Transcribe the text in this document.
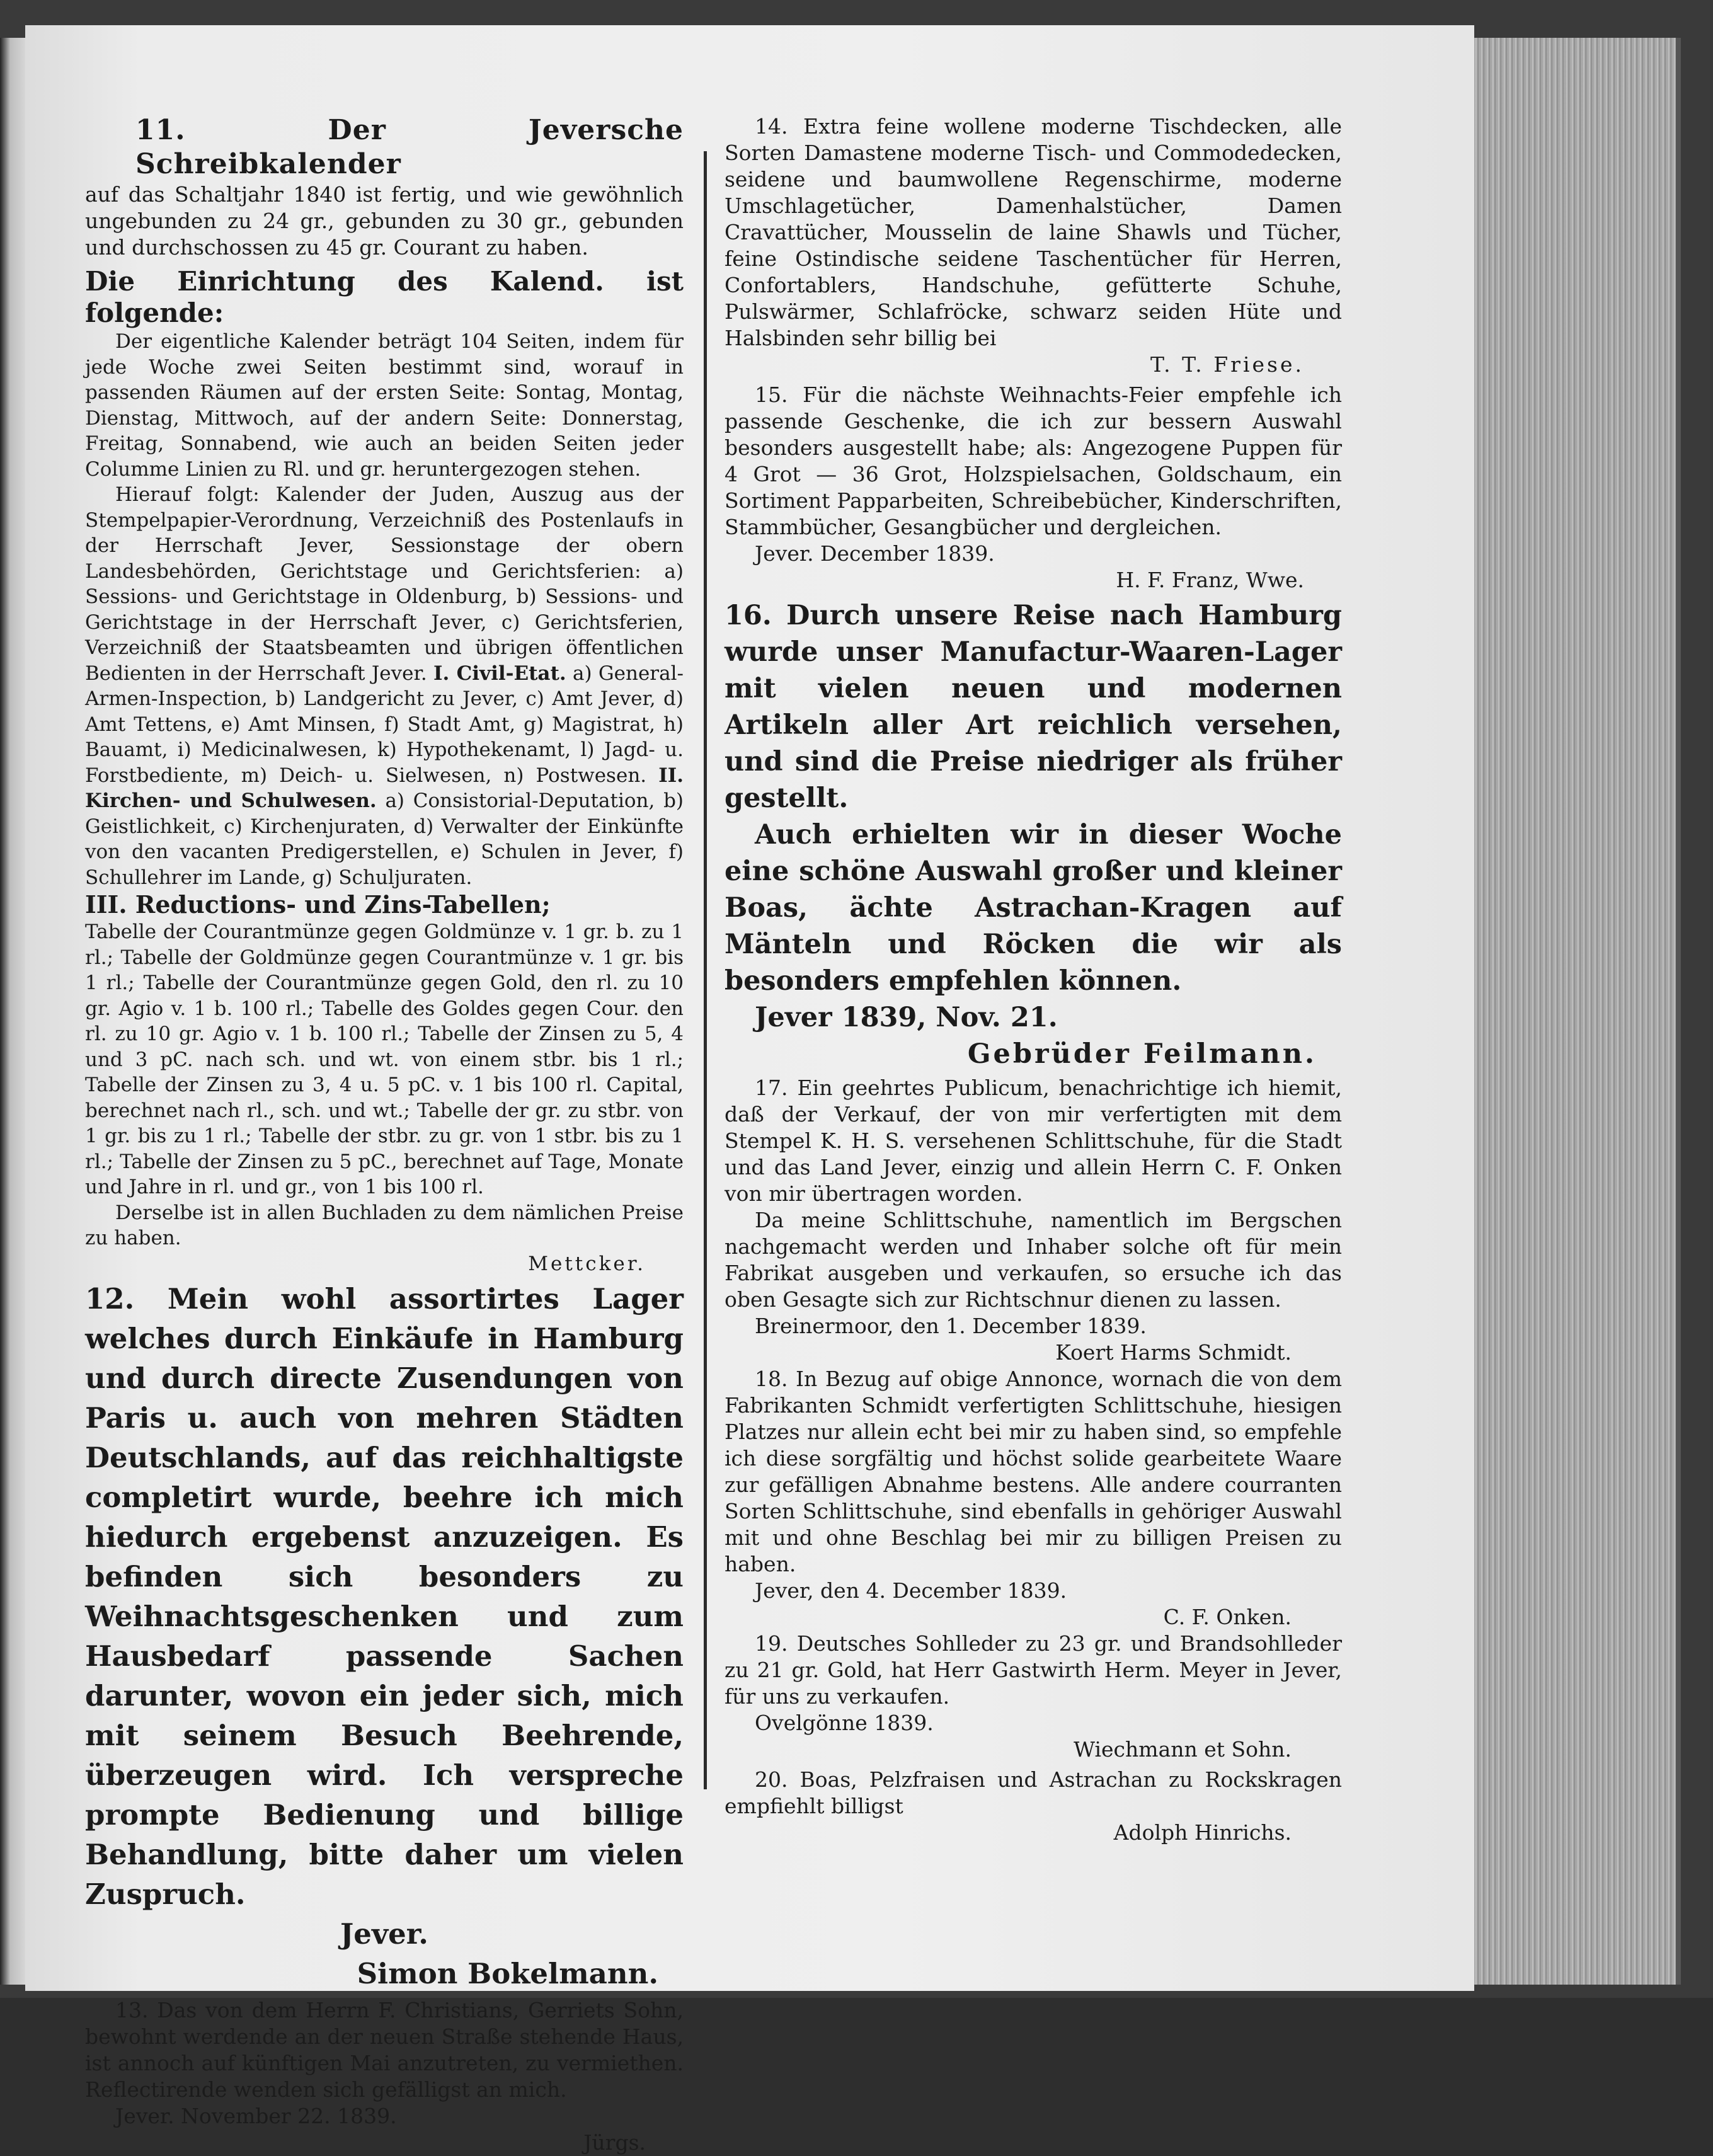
11. Der Jeversche Schreibkalender

auf das Schaltjahr 1840 ist fertig, und wie gewöhnlich ungebunden zu 24 gr., gebunden zu 30 gr., gebunden und durchschossen zu 45 gr. Courant zu haben.

Die Einrichtung des Kalend. ist folgende:

Der eigentliche Kalender beträgt 104 Seiten, indem für jede Woche zwei Seiten bestimmt sind, worauf in passenden Räumen auf der ersten Seite: Sontag, Montag, Dienstag, Mittwoch, auf der andern Seite: Donnerstag, Freitag, Sonnabend, wie auch an beiden Seiten jeder Columme Linien zu Rl. und gr. heruntergezogen stehen.

Hierauf folgt: Kalender der Juden, Auszug aus der Stempelpapier-Verordnung, Verzeichniß des Postenlaufs in der Herrschaft Jever, Sessionstage der obern Landesbehörden, Gerichtstage und Gerichtsferien: a) Sessions- und Gerichtstage in Oldenburg, b) Sessions- und Gerichtstage in der Herrschaft Jever, c) Gerichtsferien, Verzeichniß der Staatsbeamten und übrigen öffentlichen Bedienten in der Herrschaft Jever. I. Civil-Etat. a) General-Armen-Inspection, b) Landgericht zu Jever, c) Amt Jever, d) Amt Tettens, e) Amt Minsen, f) Stadt Amt, g) Magistrat, h) Bauamt, i) Medicinalwesen, k) Hypothekenamt, l) Jagd- u. Forstbediente, m) Deich- u. Sielwesen, n) Postwesen. II. Kirchen- und Schulwesen. a) Consistorial-Deputation, b) Geistlichkeit, c) Kirchenjuraten, d) Verwalter der Einkünfte von den vacanten Predigerstellen, e) Schulen in Jever, f) Schullehrer im Lande, g) Schuljuraten.

III. Reductions- und Zins-Tabellen;

Tabelle der Courantmünze gegen Goldmünze v. 1 gr. b. zu 1 rl.; Tabelle der Goldmünze gegen Courantmünze v. 1 gr. bis 1 rl.; Tabelle der Courantmünze gegen Gold, den rl. zu 10 gr. Agio v. 1 b. 100 rl.; Tabelle des Goldes gegen Cour. den rl. zu 10 gr. Agio v. 1 b. 100 rl.; Tabelle der Zinsen zu 5, 4 und 3 pC. nach sch. und wt. von einem stbr. bis 1 rl.; Tabelle der Zinsen zu 3, 4 u. 5 pC. v. 1 bis 100 rl. Capital, berechnet nach rl., sch. und wt.; Tabelle der gr. zu stbr. von 1 gr. bis zu 1 rl.; Tabelle der stbr. zu gr. von 1 stbr. bis zu 1 rl.; Tabelle der Zinsen zu 5 pC., berechnet auf Tage, Monate und Jahre in rl. und gr., von 1 bis 100 rl.

Derselbe ist in allen Buchladen zu dem nämlichen Preise zu haben.

Mettcker.

12. Mein wohl assortirtes Lager welches durch Einkäufe in Hamburg und durch directe Zusendungen von Paris u. auch von mehren Städten Deutschlands, auf das reichhaltigste completirt wurde, beehre ich mich hiedurch ergebenst anzuzeigen. Es befinden sich besonders zu Weihnachtsgeschenken und zum Hausbedarf passende Sachen darunter, wovon ein jeder sich, mich mit seinem Besuch Beehrende, überzeugen wird. Ich verspreche prompte Bedienung und billige Behandlung, bitte daher um vielen Zuspruch.

Jever.

Simon Bokelmann.

13. Das von dem Herrn F. Christians, Gerriets Sohn, bewohnt werdende an der neuen Straße stehende Haus, ist annoch auf künftigen Mai anzutreten, zu vermiethen. Reflectirende wenden sich gefälligst an mich.

Jever. November 22. 1839.

Jürgs.

14. Extra feine wollene moderne Tischdecken, alle Sorten Damastene moderne Tisch- und Commodedecken, seidene und baumwollene Regenschirme, moderne Umschlagetücher, Damenhalstücher, Damen Cravattücher, Mousselin de laine Shawls und Tücher, feine Ostindische seidene Taschentücher für Herren, Confortablers, Handschuhe, gefütterte Schuhe, Pulswärmer, Schlafröcke, schwarz seiden Hüte und Halsbinden sehr billig bei

T. T. Friese.

15. Für die nächste Weihnachts-Feier empfehle ich passende Geschenke, die ich zur bessern Auswahl besonders ausgestellt habe; als: Angezogene Puppen für 4 Grot — 36 Grot, Holzspielsachen, Goldschaum, ein Sortiment Papparbeiten, Schreibebücher, Kinderschriften, Stammbücher, Gesangbücher und dergleichen.

Jever. December 1839.

H. F. Franz, Wwe.

16. Durch unsere Reise nach Hamburg wurde unser Manufactur-Waaren-Lager mit vielen neuen und modernen Artikeln aller Art reichlich versehen, und sind die Preise niedriger als früher gestellt.

Auch erhielten wir in dieser Woche eine schöne Auswahl großer und kleiner Boas, ächte Astrachan-Kragen auf Mänteln und Röcken die wir als besonders empfehlen können.

Jever 1839, Nov. 21.

Gebrüder Feilmann.

17. Ein geehrtes Publicum, benachrichtige ich hiemit, daß der Verkauf, der von mir verfertigten mit dem Stempel K. H. S. versehenen Schlittschuhe, für die Stadt und das Land Jever, einzig und allein Herrn C. F. Onken von mir übertragen worden.

Da meine Schlittschuhe, namentlich im Bergschen nachgemacht werden und Inhaber solche oft für mein Fabrikat ausgeben und verkaufen, so ersuche ich das oben Gesagte sich zur Richtschnur dienen zu lassen.

Breinermoor, den 1. December 1839.

Koert Harms Schmidt.

18. In Bezug auf obige Annonce, wornach die von dem Fabrikanten Schmidt verfertigten Schlittschuhe, hiesigen Platzes nur allein echt bei mir zu haben sind, so empfehle ich diese sorgfältig und höchst solide gearbeitete Waare zur gefälligen Abnahme bestens. Alle andere courranten Sorten Schlittschuhe, sind ebenfalls in gehöriger Auswahl mit und ohne Beschlag bei mir zu billigen Preisen zu haben.

Jever, den 4. December 1839.

C. F. Onken.

19. Deutsches Sohlleder zu 23 gr. und Brandsohlleder zu 21 gr. Gold, hat Herr Gastwirth Herm. Meyer in Jever, für uns zu verkaufen.

Ovelgönne 1839.

Wiechmann et Sohn.

20. Boas, Pelzfraisen und Astrachan zu Rockskragen empfiehlt billigst

Adolph Hinrichs.
